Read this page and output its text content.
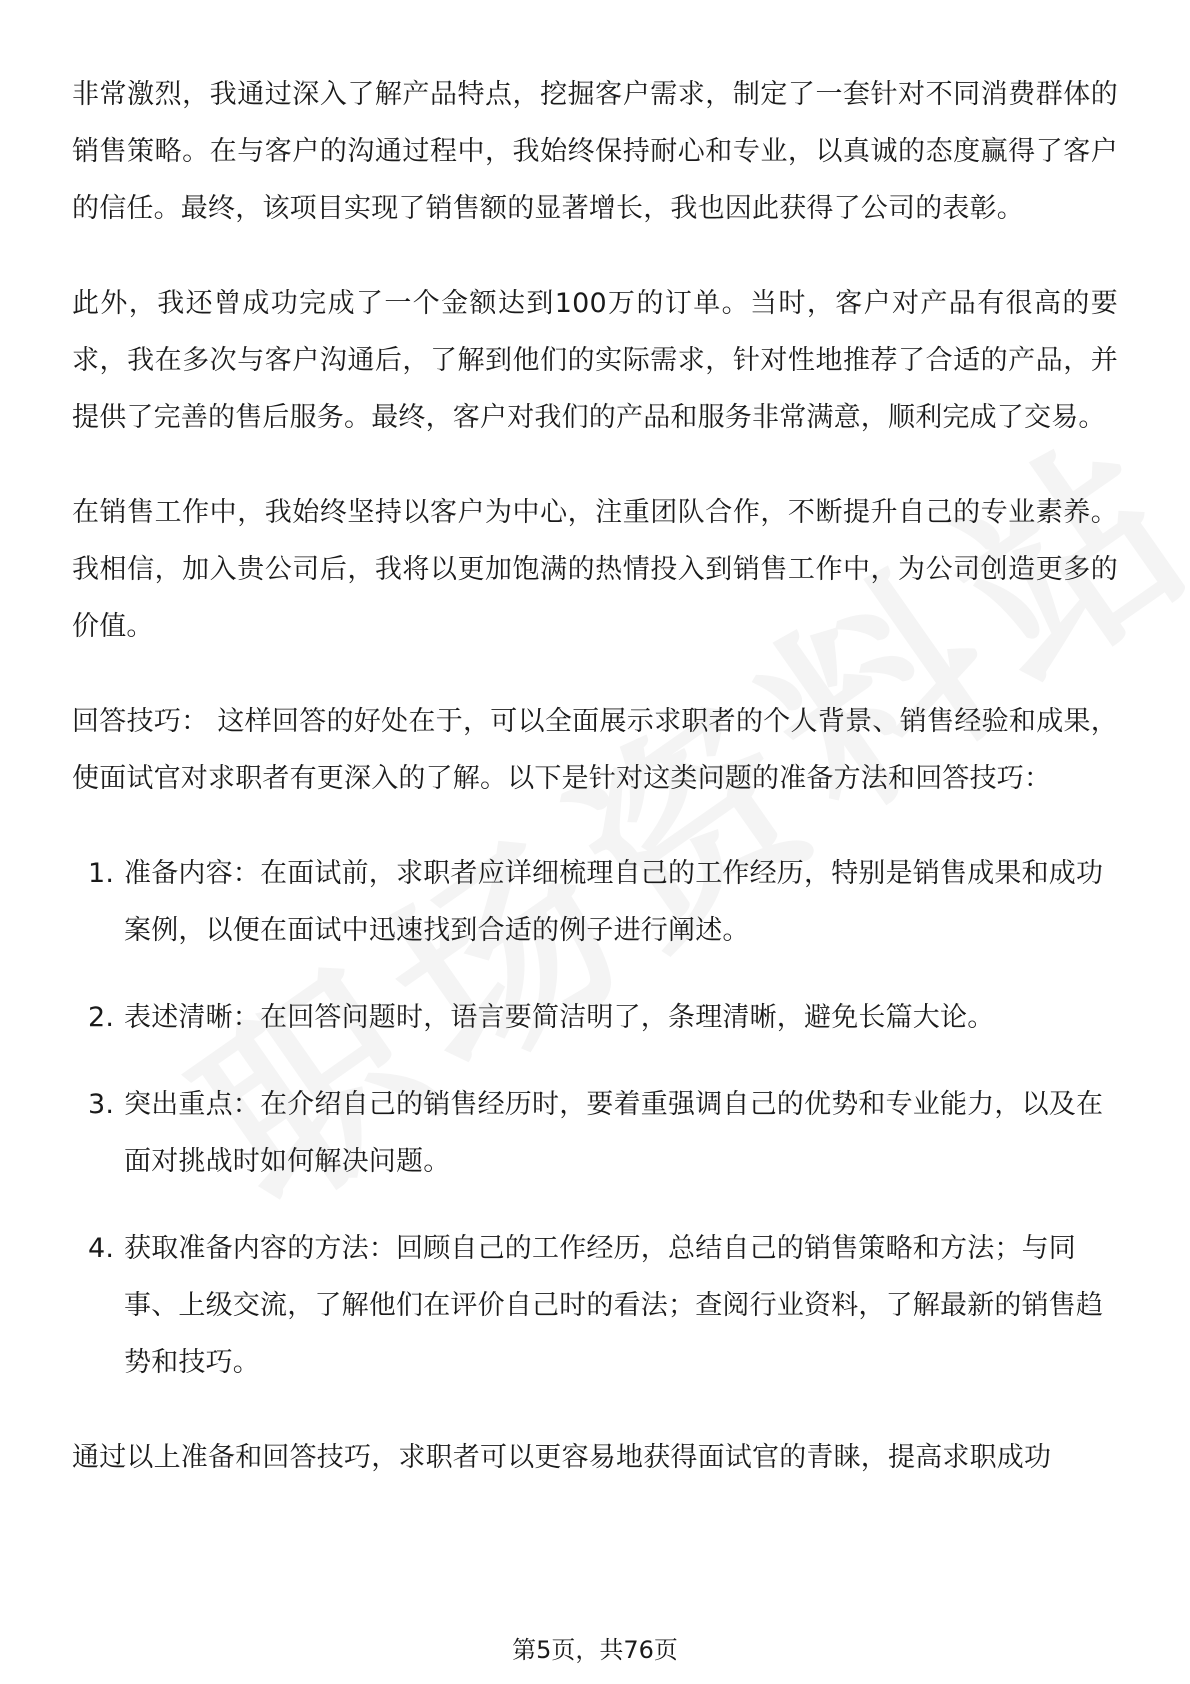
非常激烈，我通过深入了解产品特点，挖掘客户需求，制定了一套针对不同消费群体的销售策略。在与客户的沟通过程中，我始终保持耐心和专业，以真诚的态度赢得了客户的信任。最终，该项目实现了销售额的显著增长，我也因此获得了公司的表彰。

此外，我还曾成功完成了一个金额达到100万的订单。当时，客户对产品有很高的要求，我在多次与客户沟通后，了解到他们的实际需求，针对性地推荐了合适的产品，并提供了完善的售后服务。最终，客户对我们的产品和服务非常满意，顺利完成了交易。

在销售工作中，我始终坚持以客户为中心，注重团队合作，不断提升自己的专业素养。我相信，加入贵公司后，我将以更加饱满的热情投入到销售工作中，为公司创造更多的价值。

回答技巧： 这样回答的好处在于，可以全面展示求职者的个人背景、销售经验和成果，使面试官对求职者有更深入的了解。以下是针对这类问题的准备方法和回答技巧：

1. 准备内容：在面试前，求职者应详细梳理自己的工作经历，特别是销售成果和成功案例，以便在面试中迅速找到合适的例子进行阐述。
2. 表述清晰：在回答问题时，语言要简洁明了，条理清晰，避免长篇大论。
3. 突出重点：在介绍自己的销售经历时，要着重强调自己的优势和专业能力，以及在面对挑战时如何解决问题。
4. 获取准备内容的方法：回顾自己的工作经历，总结自己的销售策略和方法；与同事、上级交流，了解他们在评价自己时的看法；查阅行业资料，了解最新的销售趋势和技巧。

通过以上准备和回答技巧，求职者可以更容易地获得面试官的青睐，提高求职成功

第5页，共76页
